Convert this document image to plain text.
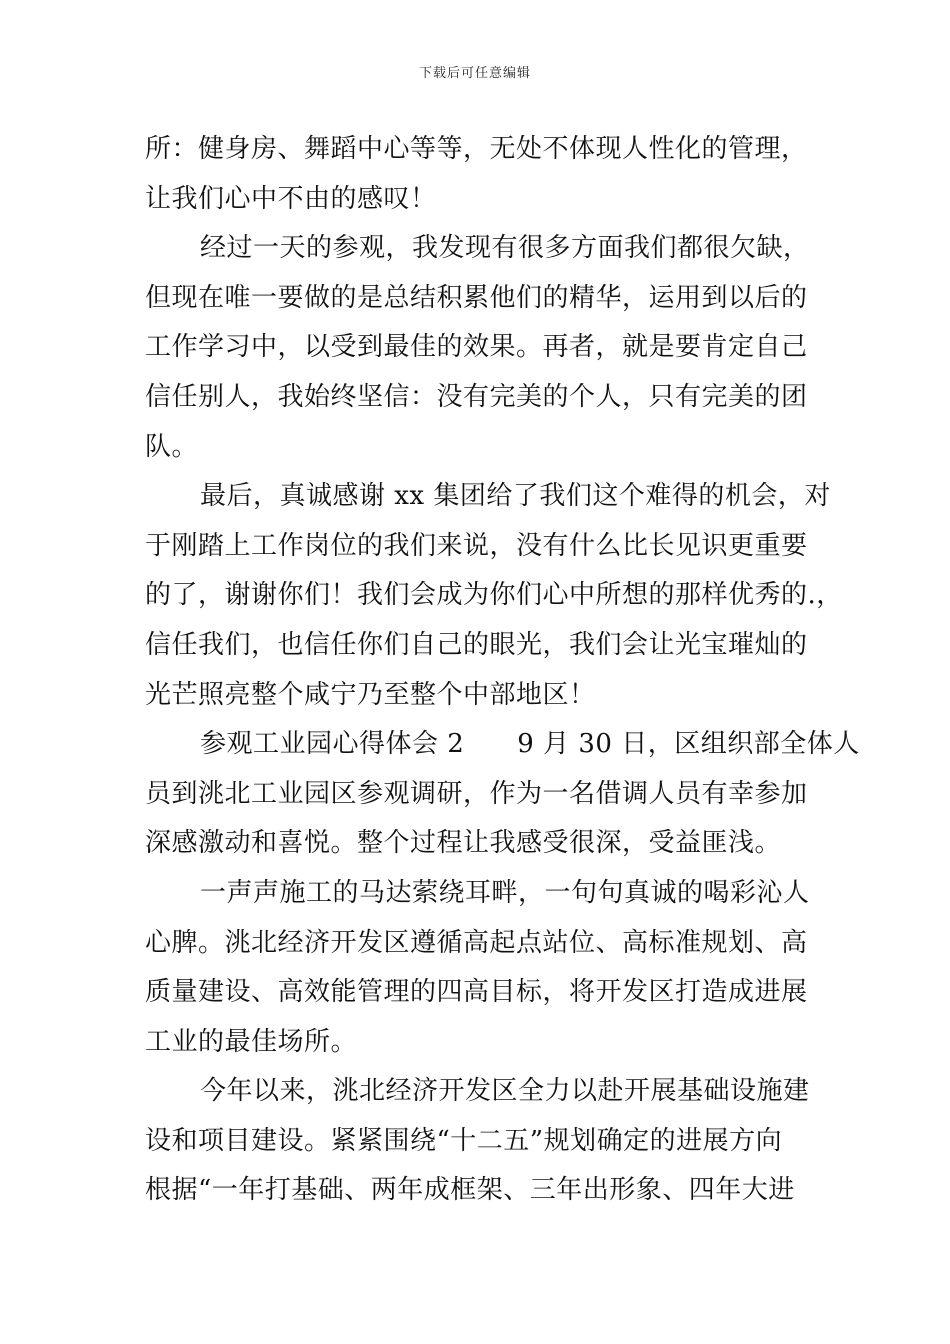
下载后可任意编辑
所：健身房、舞蹈中心等等，无处不体现人性化的管理，
让我们心中不由的感叹！
经过一天的参观，我发现有很多方面我们都很欠缺，
但现在唯一要做的是总结积累他们的精华，运用到以后的
工作学习中，以受到最佳的效果。再者，就是要肯定自己
信任别人，我始终坚信：没有完美的个人，只有完美的团
队。
最后，真诚感谢 xx 集团给了我们这个难得的机会，对
于刚踏上工作岗位的我们来说，没有什么比长见识更重要
的了，谢谢你们！我们会成为你们心中所想的那样优秀的.，
信任我们，也信任你们自己的眼光，我们会让光宝璀灿的
光芒照亮整个咸宁乃至整个中部地区！
参观工业园心得体会 2　　9 月 30 日，区组织部全体人
员到洮北工业园区参观调研，作为一名借调人员有幸参加
深感激动和喜悦。整个过程让我感受很深，受益匪浅。
一声声施工的马达萦绕耳畔，一句句真诚的喝彩沁人
心脾。洮北经济开发区遵循高起点站位、高标准规划、高
质量建设、高效能管理的四高目标，将开发区打造成进展
工业的最佳场所。
今年以来，洮北经济开发区全力以赴开展基础设施建
设和项目建设。紧紧围绕“十二五”规划确定的进展方向
根据“一年打基础、两年成框架、三年出形象、四年大进
